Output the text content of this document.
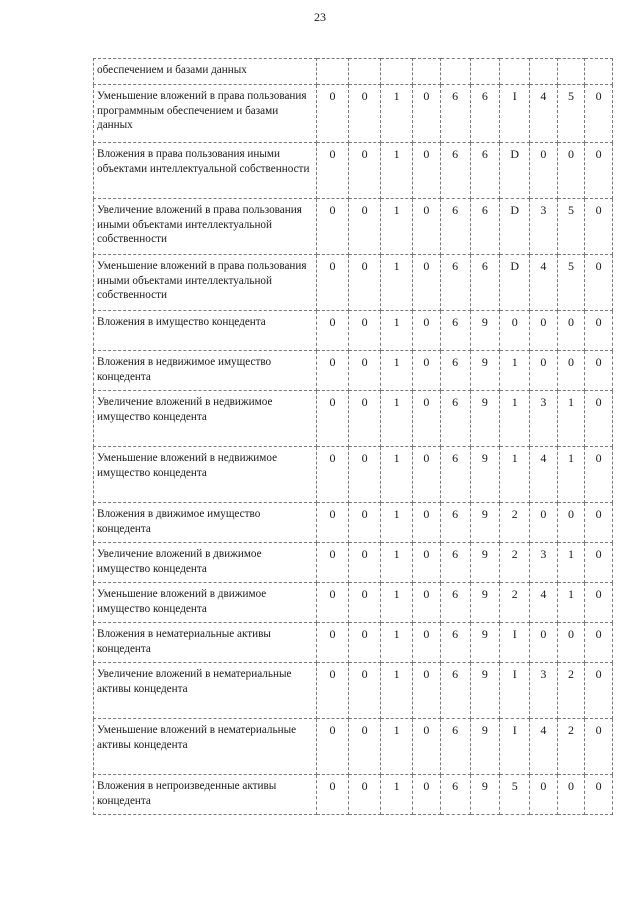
23
обеспечением и базами данных										
Уменьшение вложений в права пользования программным обеспечением и базами данных	0	0	1	0	6	6	I	4	5	0
Вложения в права пользования иными объектами интеллектуальной собственности	0	0	1	0	6	6	D	0	0	0
Увеличение вложений в права пользования иными объектами интеллектуальной собственности	0	0	1	0	6	6	D	3	5	0
Уменьшение вложений в права пользования иными объектами интеллектуальной собственности	0	0	1	0	6	6	D	4	5	0
Вложения в имущество концедента	0	0	1	0	6	9	0	0	0	0
Вложения в недвижимое имущество концедента	0	0	1	0	6	9	1	0	0	0
Увеличение вложений в недвижимое имущество концедента	0	0	1	0	6	9	1	3	1	0
Уменьшение вложений в недвижимое имущество концедента	0	0	1	0	6	9	1	4	1	0
Вложения в движимое имущество концедента	0	0	1	0	6	9	2	0	0	0
Увеличение вложений в движимое имущество концедента	0	0	1	0	6	9	2	3	1	0
Уменьшение вложений в движимое имущество концедента	0	0	1	0	6	9	2	4	1	0
Вложения в нематериальные активы концедента	0	0	1	0	6	9	I	0	0	0
Увеличение вложений в нематериальные активы концедента	0	0	1	0	6	9	I	3	2	0
Уменьшение вложений в нематериальные активы концедента	0	0	1	0	6	9	I	4	2	0
Вложения в непроизведенные активы концедента	0	0	1	0	6	9	5	0	0	0
